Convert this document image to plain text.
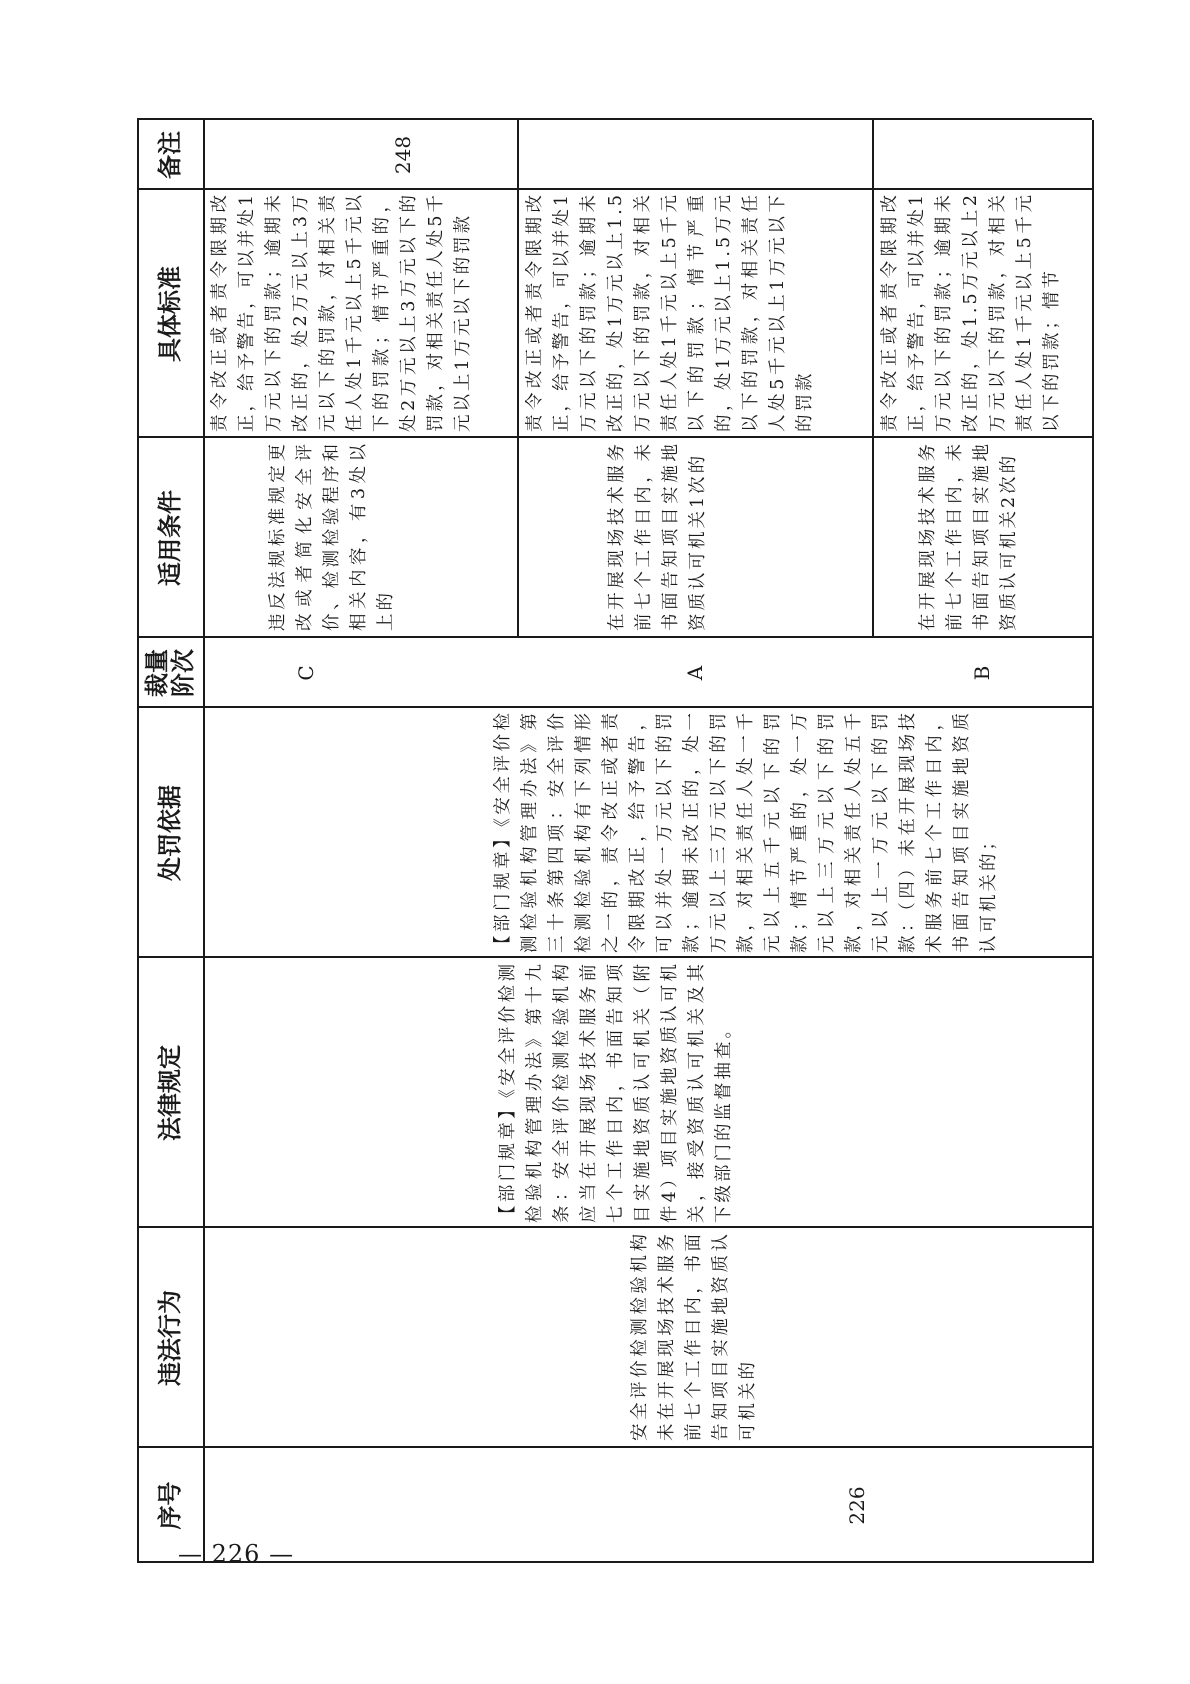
序号
违法行为
法律规定
处罚依据
裁量
阶次
适用条件
具体标准
备注
C
违反法规标准规定更改或者简化安全评价、检测检验程序和相关内容，有3处以上的
责令改正或者责令限期改正，给予警告，可以并处1万元以下的罚款；逾期未改正的，处2万元以上3万元以下的罚款，对相关责任人处1千元以上5千元以下的罚款；情节严重的，处2万元以上3万元以下的罚款，对相关责任人处5千元以上1万元以下的罚款
248
226
安全评价检测检验机构未在开展现场技术服务前七个工作日内，书面告知项目实施地资质认可机关的
【部门规章】《安全评价检测检验机构管理办法》第十九条：安全评价检测检验机构应当在开展现场技术服务前七个工作日内，书面告知项目实施地资质认可机关（附件4）项目实施地资质认可机关，接受资质认可机关及其下级部门的监督抽查。
【部门规章】《安全评价检测检验机构管理办法》第三十条第四项：安全评价检测检验机构有下列情形之一的，责令改正或者责令限期改正，给予警告，可以并处一万元以下的罚款；逾期未改正的，处一万元以上三万元以下的罚款，对相关责任人处一千元以上五千元以下的罚款；情节严重的，处一万元以上三万元以下的罚款，对相关责任人处五千元以上一万元以下的罚款：（四）未在开展现场技术服务前七个工作日内，书面告知项目实施地资质认可机关的；
A
在开展现场技术服务前七个工作日内，未书面告知项目实施地资质认可机关1次的
责令改正或者责令限期改正，给予警告，可以并处1万元以下的罚款；逾期未改正的，处1万元以上1.5万元以下的罚款，对相关责任人处1千元以上5千元以下的罚款；情节严重的，处1万元以上1.5万元以下的罚款，对相关责任人处5千元以上1万元以下的罚款
B
在开展现场技术服务前七个工作日内，未书面告知项目实施地资质认可机关2次的
责令改正或者责令限期改正，给予警告，可以并处1万元以下的罚款；逾期未改正的，处1.5万元以上2万元以下的罚款，对相关责任人处1千元以上5千元以下的罚款；情节
— 226 —
